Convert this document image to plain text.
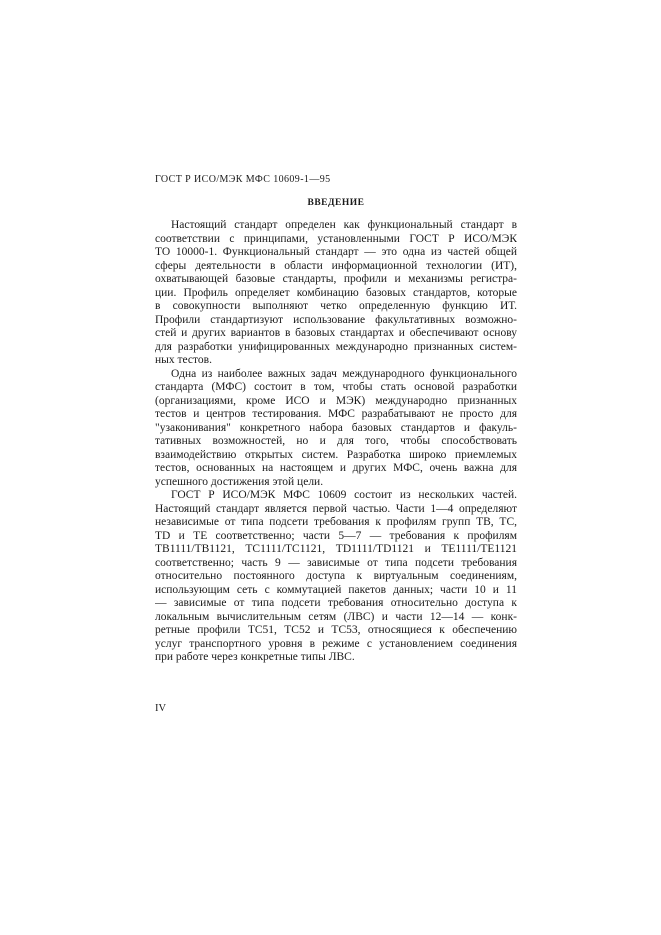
ГОСТ Р ИСО/МЭК МФС 10609-1—95
ВВЕДЕНИЕ
Настоящий стандарт определен как функциональный стандарт в
соответствии с принципами, установленными ГОСТ Р ИСО/МЭК
ТО 10000-1. Функциональный стандарт — это одна из частей общей
сферы деятельности в области информационной технологии (ИТ),
охватывающей базовые стандарты, профили и механизмы регистра-
ции. Профиль определяет комбинацию базовых стандартов, которые
в совокупности выполняют четко определенную функцию ИТ.
Профили стандартизуют использование факультативных возможно-
стей и других вариантов в базовых стандартах и обеспечивают основу
для разработки унифицированных международно признанных систем-
ных тестов.
Одна из наиболее важных задач международного функционального
стандарта (МФС) состоит в том, чтобы стать основой разработки
(организациями, кроме ИСО и МЭК) международно признанных
тестов и центров тестирования. МФС разрабатывают не просто для
"узаконивания" конкретного набора базовых стандартов и факуль-
тативных возможностей, но и для того, чтобы способствовать
взаимодействию открытых систем. Разработка широко приемлемых
тестов, основанных на настоящем и других МФС, очень важна для
успешного достижения этой цели.
ГОСТ Р ИСО/МЭК МФС 10609 состоит из нескольких частей.
Настоящий стандарт является первой частью. Части 1—4 определяют
независимые от типа подсети требования к профилям групп ТВ, ТС,
TD и ТЕ соответственно; части 5—7 — требования к профилям
ТВ1111/ТВ1121, ТС1111/ТС1121, TD1111/TD1121 и ТЕ1111/ТЕ1121
соответственно; часть 9 — зависимые от типа подсети требования
относительно постоянного доступа к виртуальным соединениям,
использующим сеть с коммутацией пакетов данных; части 10 и 11
— зависимые от типа подсети требования относительно доступа к
локальным вычислительным сетям (ЛВС) и части 12—14 — конк-
ретные профили ТС51, ТС52 и ТС53, относящиеся к обеспечению
услуг транспортного уровня в режиме с установлением соединения
при работе через конкретные типы ЛВС.
IV
